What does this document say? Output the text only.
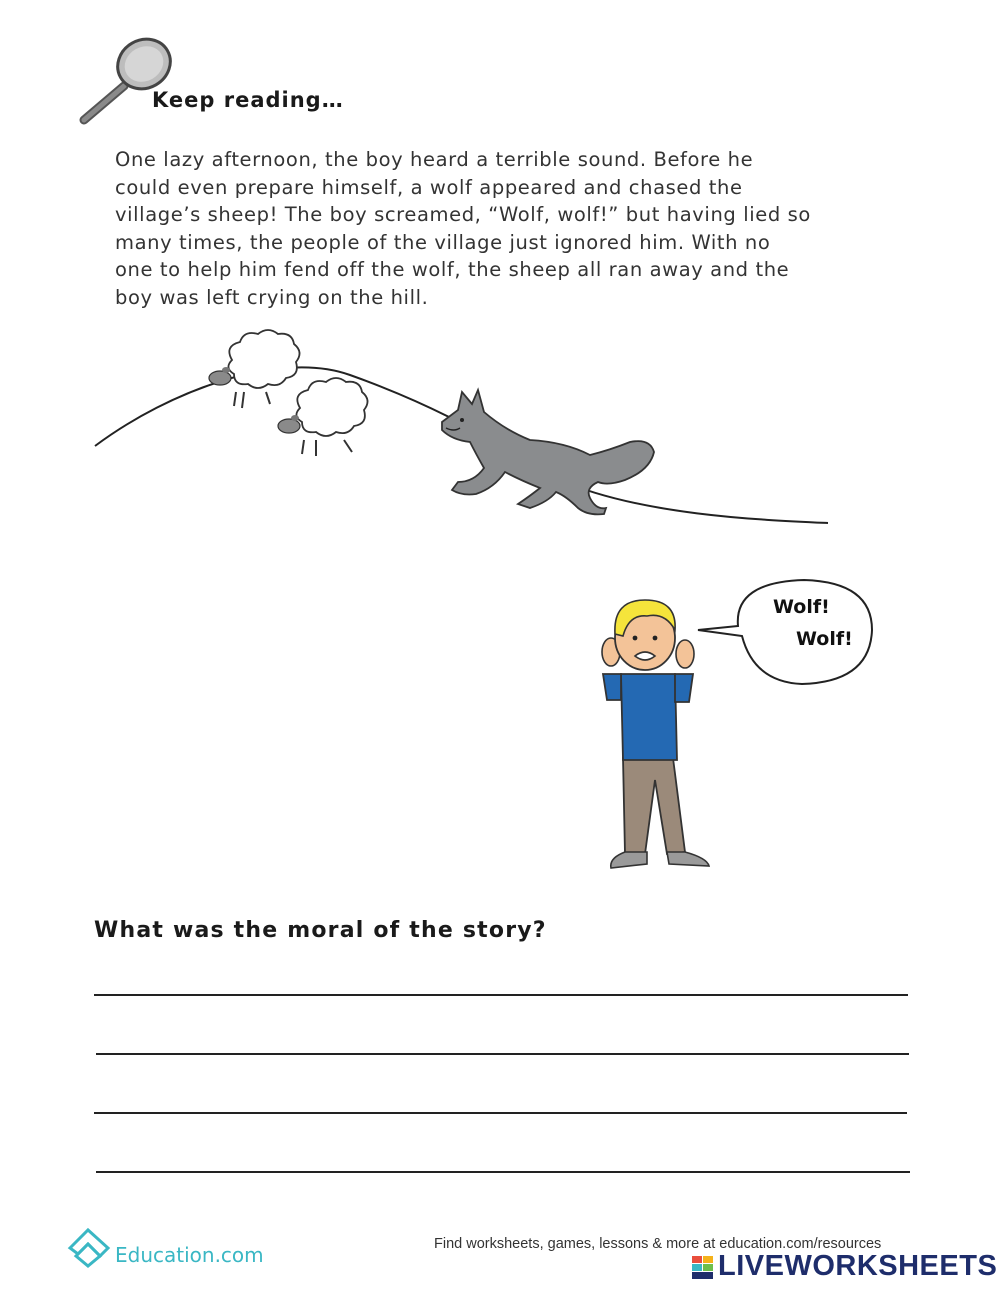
Keep reading…

One lazy afternoon, the boy heard a terrible sound. Before he
could even prepare himself, a wolf appeared and chased the
village’s sheep! The boy screamed, “Wolf, wolf!” but having lied so
many times, the people of the village just ignored him. With no
one to help him fend off the wolf, the sheep all ran away and the
boy was left crying on the hill.

Wolf!
Wolf!
What was the moral of the story?
Education.com	Find worksheets, games, lessons & more at education.com/resources
LIVEWORKSHEETS
